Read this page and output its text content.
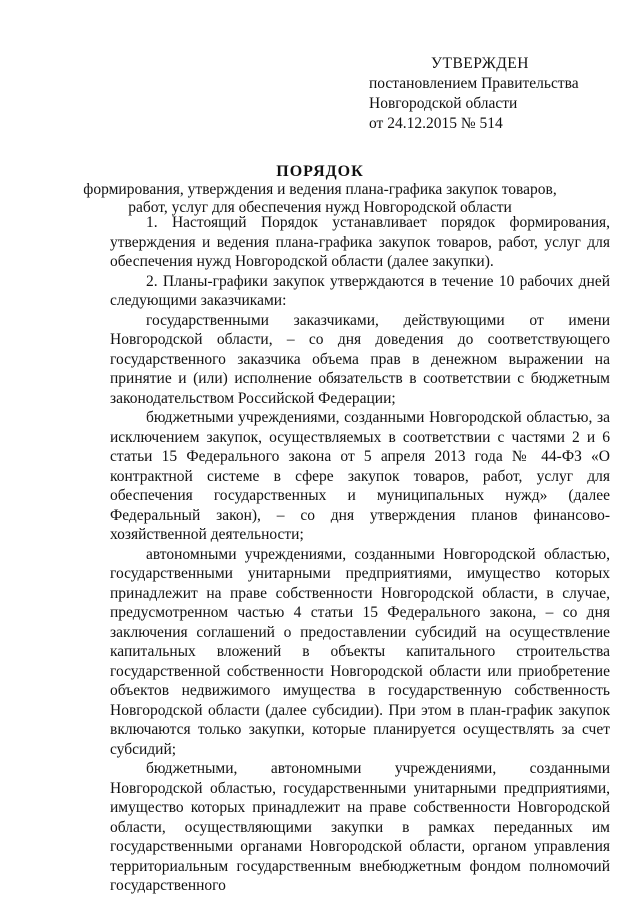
УТВЕРЖДЕН
постановлением Правительства
Новгородской области
от 24.12.2015 № 514
ПОРЯДОК
формирования, утверждения и ведения плана-графика закупок товаров,
работ, услуг для обеспечения нужд Новгородской области

1. Настоящий Порядок устанавливает порядок формирования, утверждения и ведения плана-графика закупок товаров, работ, услуг для обеспечения нужд Новгородской области (далее закупки).

2. Планы-графики закупок утверждаются в течение 10 рабочих дней следующими заказчиками:

государственными заказчиками, действующими от имени Новгородской области, – со дня доведения до соответствующего государственного заказчика объема прав в денежном выражении на принятие и (или) исполнение обязательств в соответствии с бюджетным законодательством Российской Федерации;

бюджетными учреждениями, созданными Новгородской областью, за исключением закупок, осуществляемых в соответствии с частями 2 и 6 статьи 15 Федерального закона от 5 апреля 2013 года № 44-ФЗ «О контрактной системе в сфере закупок товаров, работ, услуг для обеспечения государственных и муниципальных нужд» (далее Федеральный закон), – со дня утверждения планов финансово-хозяйственной деятельности;

автономными учреждениями, созданными Новгородской областью, государственными унитарными предприятиями, имущество которых принадлежит на праве собственности Новгородской области, в случае, предусмотренном частью 4 статьи 15 Федерального закона, – со дня заключения соглашений о предоставлении субсидий на осуществление капитальных вложений в объекты капитального строительства государственной собственности Новгородской области или приобретение объектов недвижимого имущества в государственную собственность Новгородской области (далее субсидии). При этом в план-график закупок включаются только закупки, которые планируется осуществлять за счет субсидий;

бюджетными, автономными учреждениями, созданными Новгородской областью, государственными унитарными предприятиями, имущество которых принадлежит на праве собственности Новгородской области, осуществляющими закупки в рамках переданных им государственными органами Новгородской области, органом управления территориальным государственным внебюджетным фондом полномочий государственного
